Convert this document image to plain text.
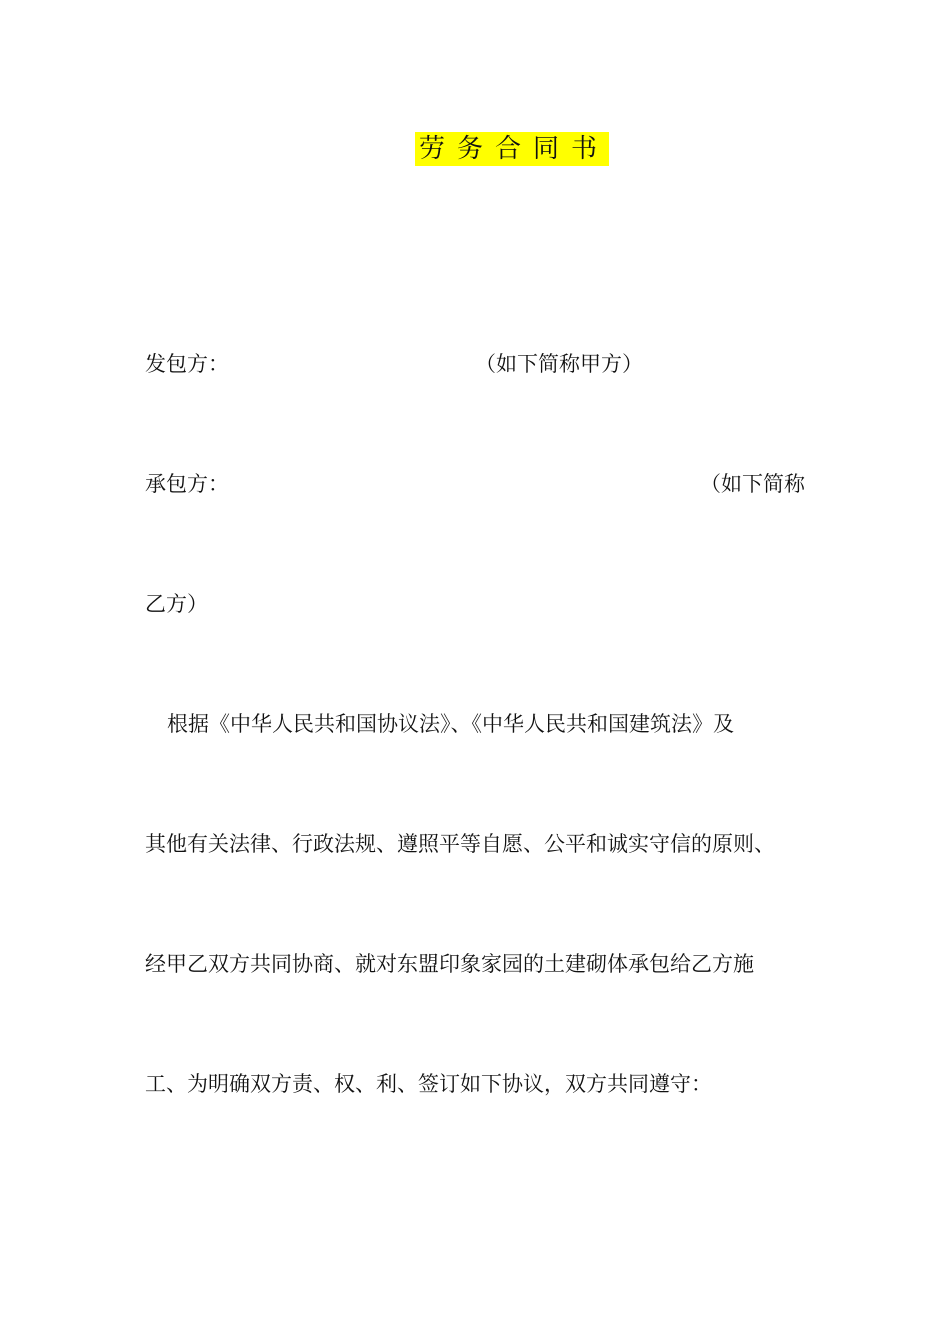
劳务合同书
发包方：	（如下简称甲方）
承包方：	（如下简称
乙方）
根据《中华人民共和国协议法》、《中华人民共和国建筑法》及
其他有关法律、行政法规、遵照平等自愿、公平和诚实守信的原则、
经甲乙双方共同协商、就对东盟印象家园的土建砌体承包给乙方施
工、为明确双方责、权、利、签订如下协议，双方共同遵守：
